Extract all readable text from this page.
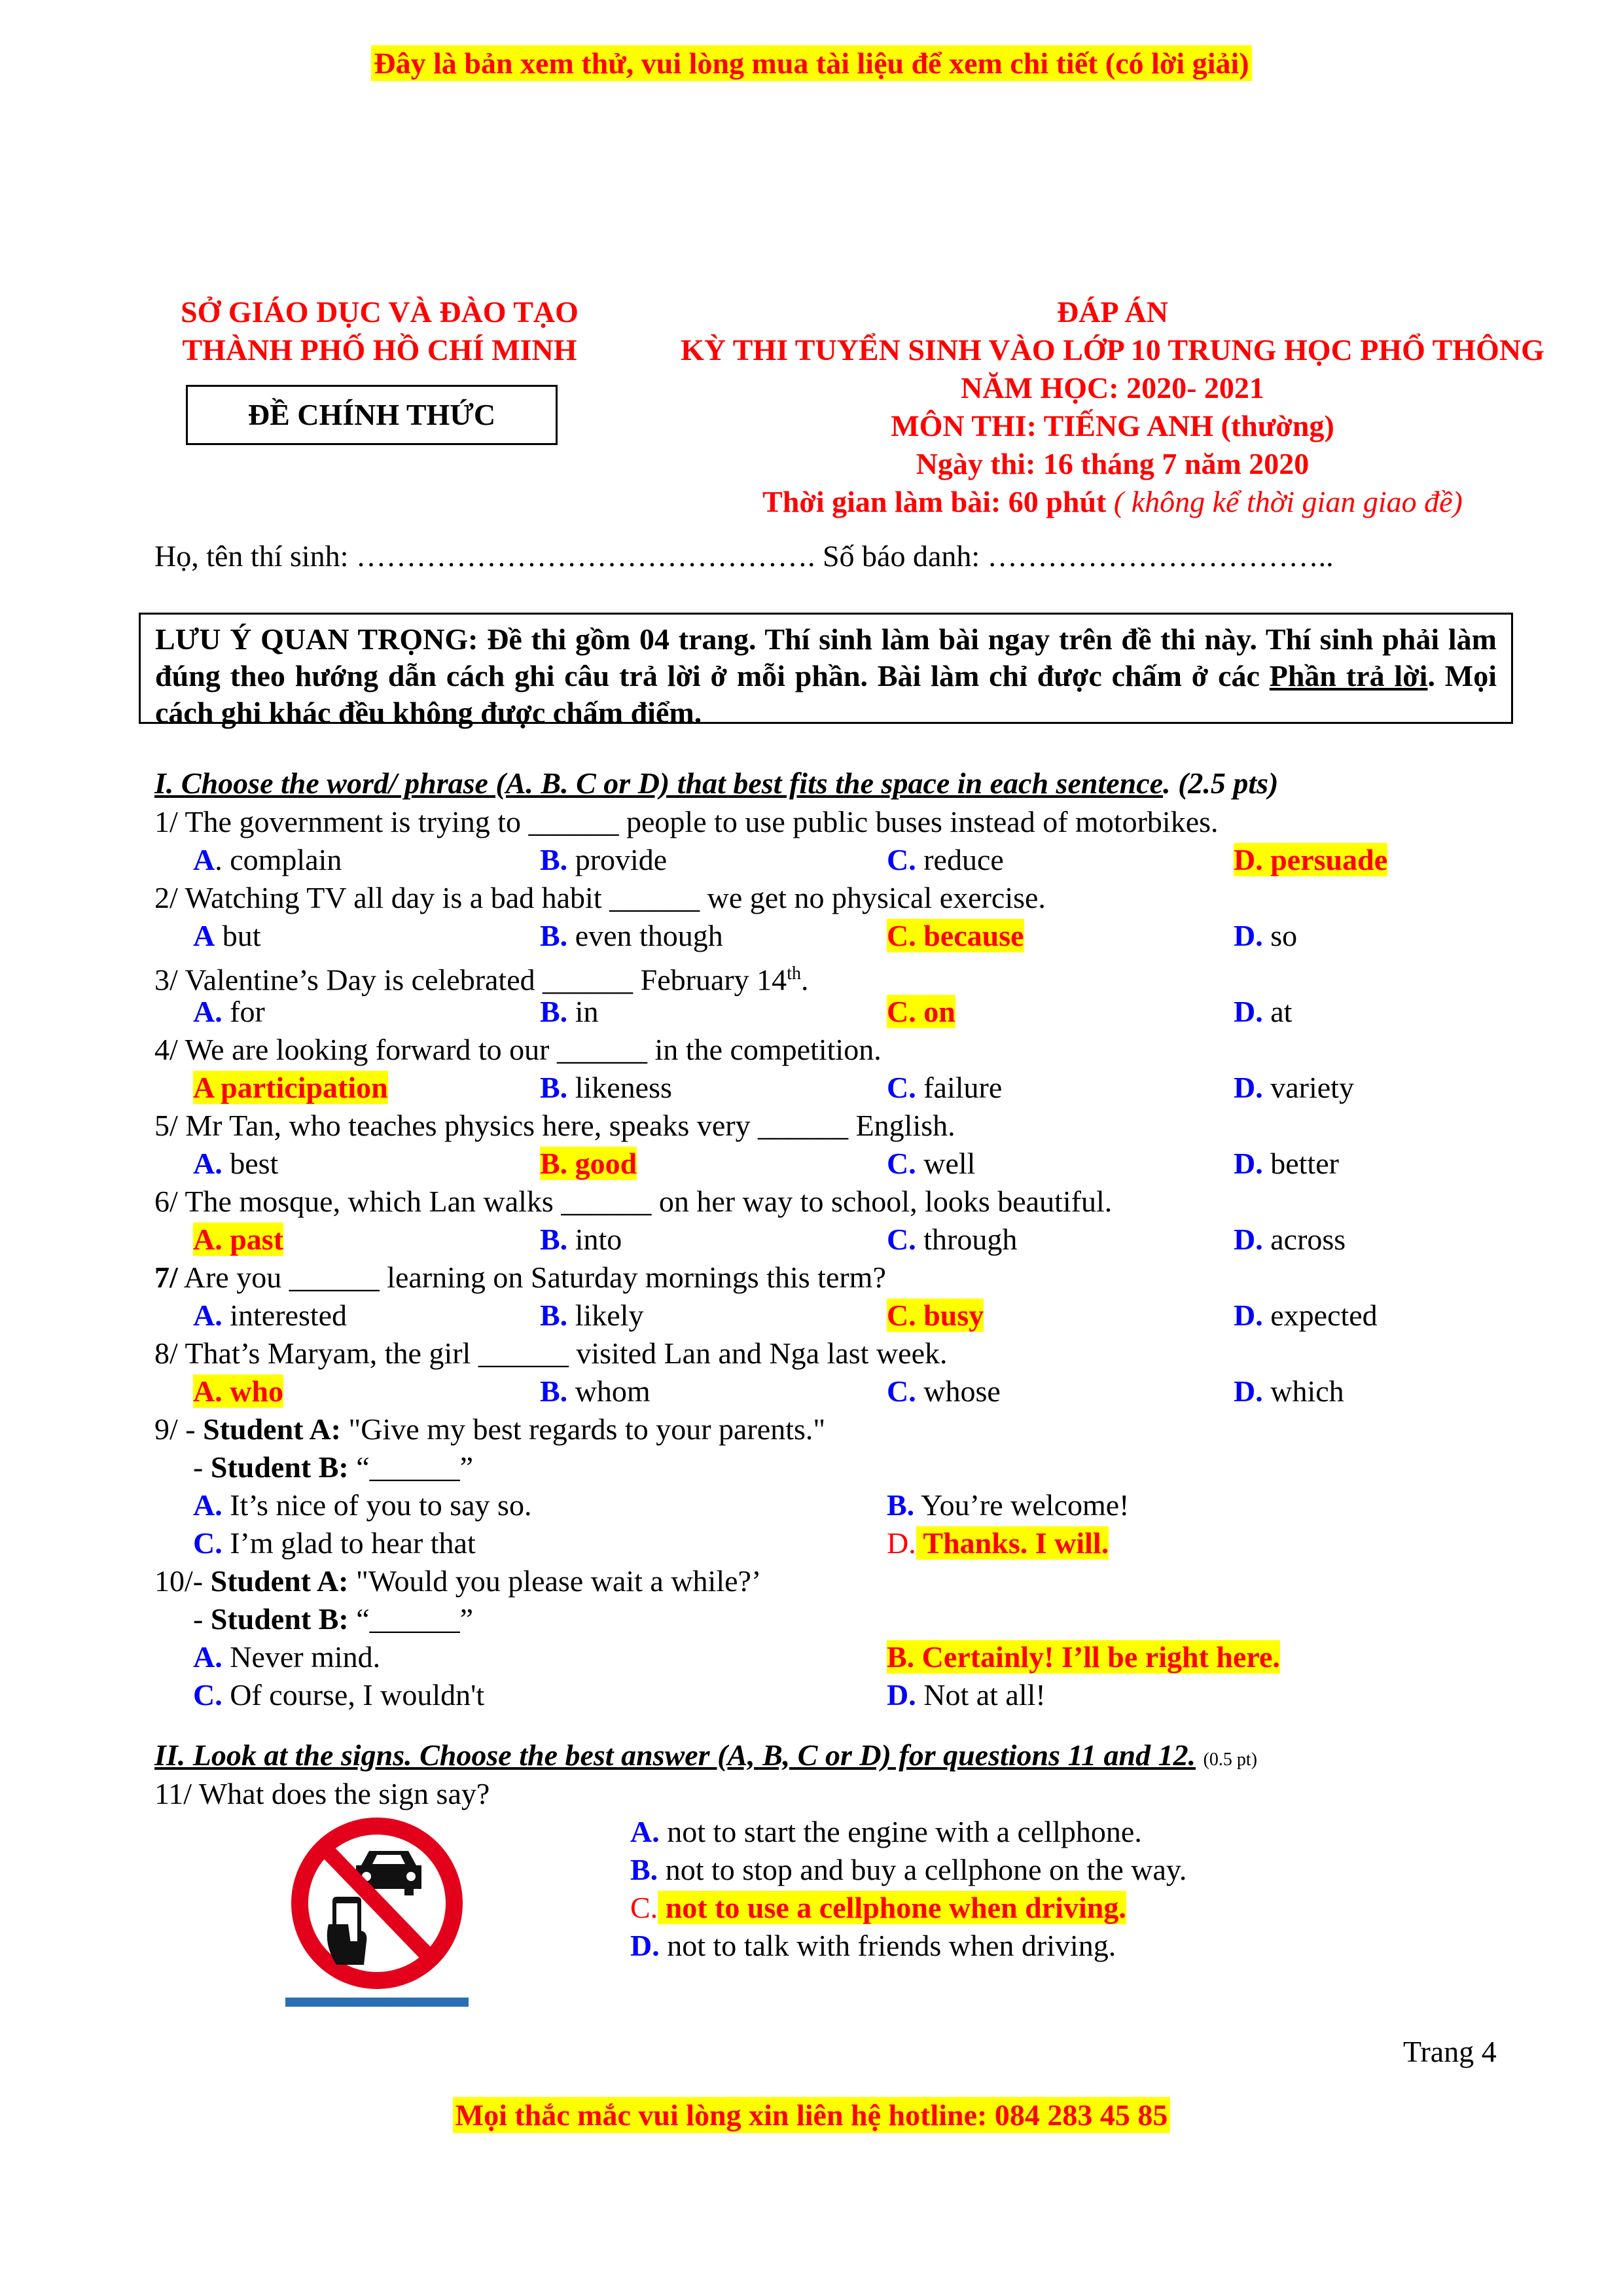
Đây là bản xem thử, vui lòng mua tài liệu để xem chi tiết (có lời giải)
SỞ GIÁO DỤC VÀ ĐÀO TẠO
THÀNH PHỐ HỒ CHÍ MINH
ĐỀ CHÍNH THỨC
ĐÁP ÁN
KỲ THI TUYỂN SINH VÀO LỚP 10 TRUNG HỌC PHỔ THÔNG
NĂM HỌC: 2020- 2021
MÔN THI: TIẾNG ANH (thường)
Ngày thi: 16 tháng 7 năm 2020
Thời gian làm bài: 60 phút ( không kể thời gian giao đề)
Họ, tên thí sinh: ………………………………………. Số báo danh: ……………………………..
LƯU Ý QUAN TRỌNG: Đề thi gồm 04 trang. Thí sinh làm bài ngay trên đề thi này. Thí sinh phải làm đúng theo hướng dẫn cách ghi câu trả lời ở mỗi phần. Bài làm chỉ được chấm ở các Phần trả lời. Mọi cách ghi khác đều không được chấm điểm.
I. Choose the word/ phrase (A. B. C or D) that best fits the space in each sentence. (2.5 pts)
1/ The government is trying to ______ people to use public buses instead of motorbikes.
A. complain	B. provide	C. reduce	D. persuade
2/ Watching TV all day is a bad habit ______ we get no physical exercise.
A but	B. even though	C. because	D. so
3/ Valentine’s Day is celebrated ______ February 14th.
A. for	B. in	C. on	D. at
4/ We are looking forward to our ______ in the competition.
A participation	B. likeness	C. failure	D. variety
5/ Mr Tan, who teaches physics here, speaks very ______ English.
A. best	B. good	C. well	D. better
6/ The mosque, which Lan walks ______ on her way to school, looks beautiful.
A. past	B. into	C. through	D. across
7/ Are you ______ learning on Saturday mornings this term?
A. interested	B. likely	C. busy	D. expected
8/ That’s Maryam, the girl ______ visited Lan and Nga last week.
A. who	B. whom	C. whose	D. which
9/ - Student A: "Give my best regards to your parents."
- Student B: “______”
A. It’s nice of you to say so.	B. You’re welcome!
C. I’m glad to hear that	D. Thanks. I will.
10/- Student A: "Would you please wait a while?’
- Student B: “______”
A. Never mind.	B. Certainly! I’ll be right here.
C. Of course, I wouldn't	D. Not at all!
II. Look at the signs. Choose the best answer (A, B, C or D) for questions 11 and 12. (0.5 pt)
11/ What does the sign say?
A. not to start the engine with a cellphone.
B. not to stop and buy a cellphone on the way.
C. not to use a cellphone when driving.
D. not to talk with friends when driving.
Trang 4
Mọi thắc mắc vui lòng xin liên hệ hotline: 084 283 45 85
